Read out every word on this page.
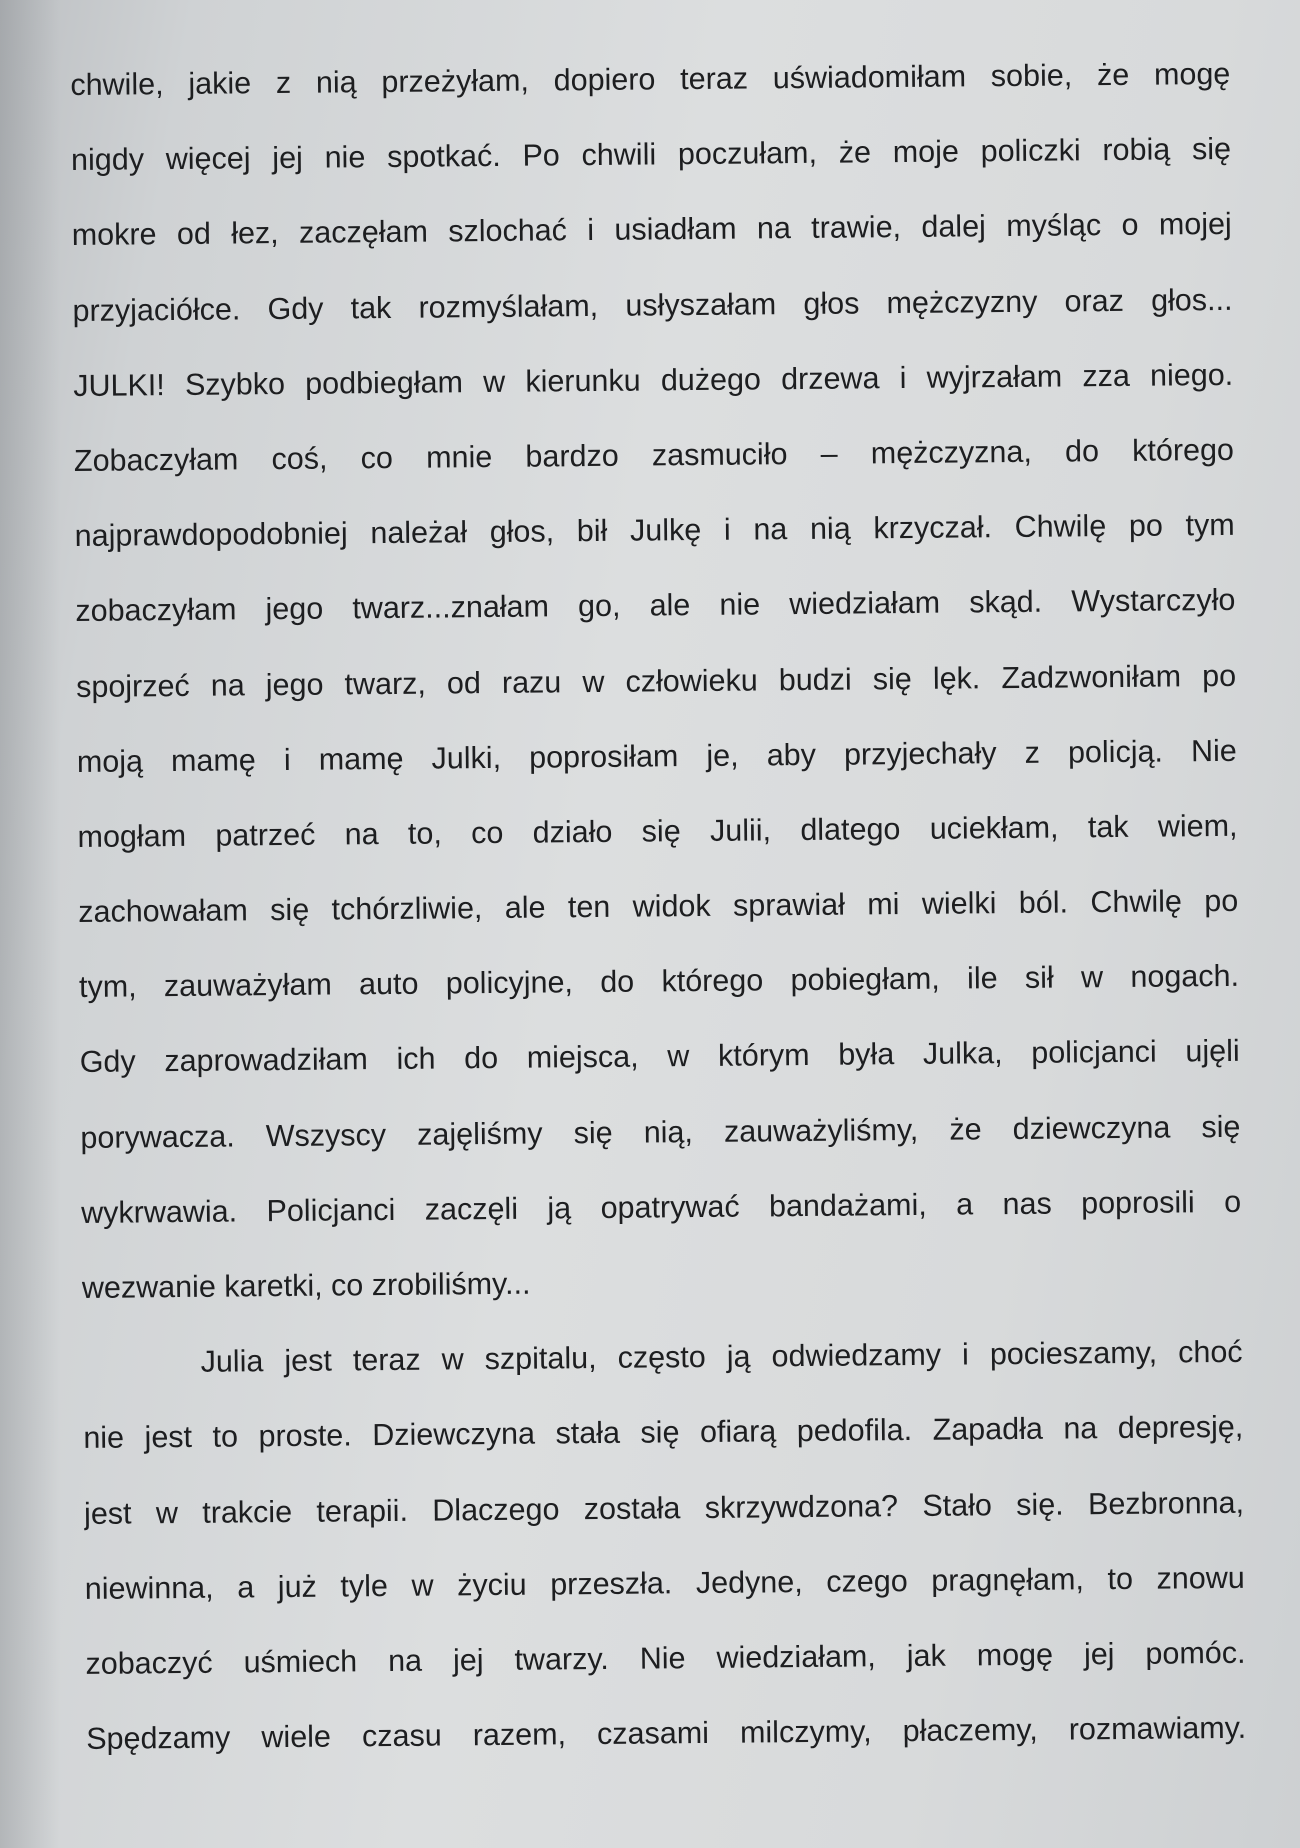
chwile, jakie z nią przeżyłam, dopiero teraz uświadomiłam sobie, że mogę
nigdy więcej jej nie spotkać. Po chwili poczułam, że moje policzki robią się
mokre od łez, zaczęłam szlochać i usiadłam na trawie, dalej myśląc o mojej
przyjaciółce. Gdy tak rozmyślałam, usłyszałam głos mężczyzny oraz głos...
JULKI! Szybko podbiegłam w kierunku dużego drzewa i wyjrzałam zza niego.
Zobaczyłam coś, co mnie bardzo zasmuciło – mężczyzna, do którego
najprawdopodobniej należał głos, bił Julkę i na nią krzyczał. Chwilę po tym
zobaczyłam jego twarz...znałam go, ale nie wiedziałam skąd. Wystarczyło
spojrzeć na jego twarz, od razu w człowieku budzi się lęk. Zadzwoniłam po
moją mamę i mamę Julki, poprosiłam je, aby przyjechały z policją. Nie
mogłam patrzeć na to, co działo się Julii, dlatego uciekłam, tak wiem,
zachowałam się tchórzliwie, ale ten widok sprawiał mi wielki ból. Chwilę po
tym, zauważyłam auto policyjne, do którego pobiegłam, ile sił w nogach.
Gdy zaprowadziłam ich do miejsca, w którym była Julka, policjanci ujęli
porywacza. Wszyscy zajęliśmy się nią, zauważyliśmy, że dziewczyna się
wykrwawia. Policjanci zaczęli ją opatrywać bandażami, a nas poprosili o
wezwanie karetki, co zrobiliśmy...
Julia jest teraz w szpitalu, często ją odwiedzamy i pocieszamy, choć
nie jest to proste. Dziewczyna stała się ofiarą pedofila. Zapadła na depresję,
jest w trakcie terapii. Dlaczego została skrzywdzona? Stało się. Bezbronna,
niewinna, a już tyle w życiu przeszła. Jedyne, czego pragnęłam, to znowu
zobaczyć uśmiech na jej twarzy. Nie wiedziałam, jak mogę jej pomóc.
Spędzamy wiele czasu razem, czasami milczymy, płaczemy, rozmawiamy.
